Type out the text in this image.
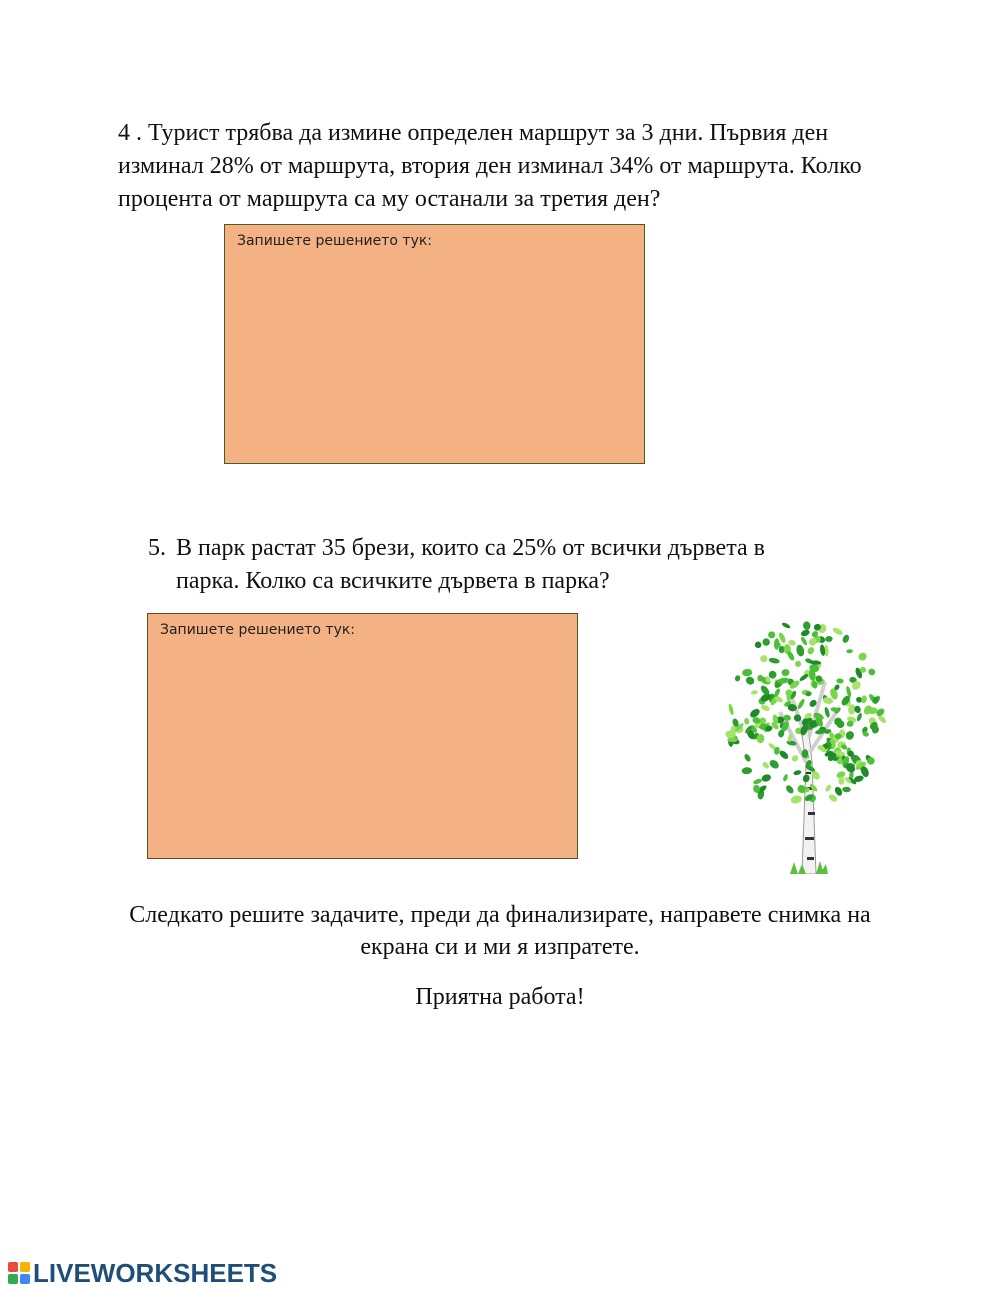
4 . Турист трябва да измине определен маршрут за 3 дни. Първия ден изминал 28% от маршрута, втория ден изминал 34% от маршрута. Колко процента от маршрута са му останали за третия ден?

Запишете решението тук:

5. В парк растат 35 брези, които са 25% от всички дървета в
парка. Колко са всичките дървета в парка?

Запишете решението тук:

Следкато решите задачите, преди да финализирате, направете снимка на екрана си и ми я изпратете.

Приятна работа!

LIVEWORKSHEETS
